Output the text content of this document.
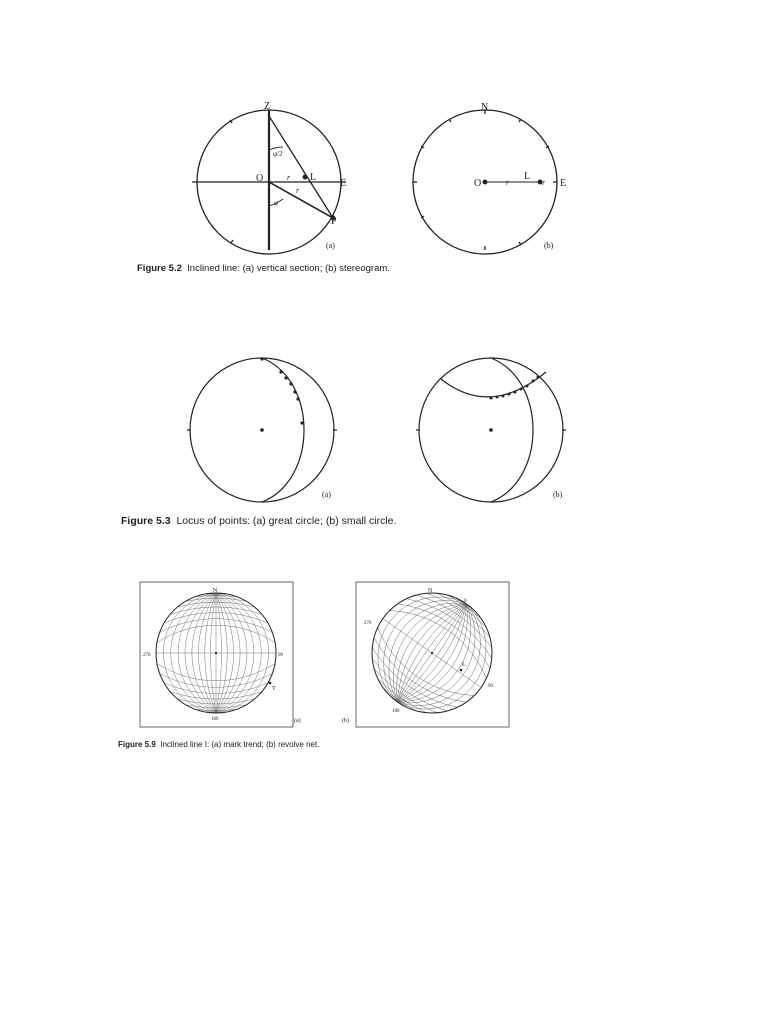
Z
O	L
E
P
r
r
φ/2
φ
(a)
N
O
L
E
r	r
(b)
Figure 5.2 Inclined line: (a) vertical section; (b) stereogram.
(a)	(b)
Figure 5.3 Locus of points: (a) great circle; (b) small circle.
N
270	90
180
T
(a)
N
0
270
L
90
180
(b)
Figure 5.9 Inclined line I: (a) mark trend; (b) revolve net.
